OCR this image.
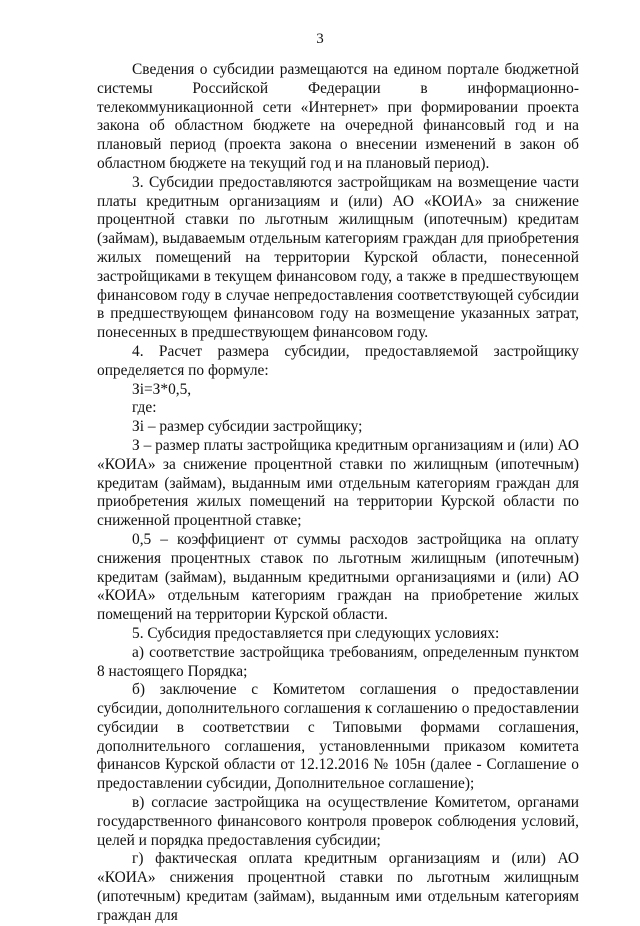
3

Сведения о субсидии размещаются на едином портале бюджетной системы Российской Федерации в информационно-телекоммуникационной сети «Интернет» при формировании проекта закона об областном бюджете на очередной финансовый год и на плановый период (проекта закона о внесении изменений в закон об областном бюджете на текущий год и на плановый период).

3. Субсидии предоставляются застройщикам на возмещение части платы кредитным организациям и (или) АО «КОИА» за снижение процентной ставки по льготным жилищным (ипотечным) кредитам (займам), выдаваемым отдельным категориям граждан для приобретения жилых помещений на территории Курской области, понесенной застройщиками в текущем финансовом году, а также в предшествующем финансовом году в случае непредоставления соответствующей субсидии в предшествующем финансовом году на возмещение указанных затрат, понесенных в предшествующем финансовом году.

4. Расчет размера субсидии, предоставляемой застройщику определяется по формуле:

Зі=З*0,5,

где:

Зі – размер субсидии застройщику;

З – размер платы застройщика кредитным организациям и (или) АО «КОИА» за снижение процентной ставки по жилищным (ипотечным) кредитам (займам), выданным ими отдельным категориям граждан для приобретения жилых помещений на территории Курской области по сниженной процентной ставке;

0,5 – коэффициент от суммы расходов застройщика на оплату снижения процентных ставок по льготным жилищным (ипотечным) кредитам (займам), выданным кредитными организациями и (или) АО «КОИА» отдельным категориям граждан на приобретение жилых помещений на территории Курской области.

5. Субсидия предоставляется при следующих условиях:

а) соответствие застройщика требованиям, определенным пунктом 8 настоящего Порядка;

б) заключение с Комитетом соглашения о предоставлении субсидии, дополнительного соглашения к соглашению о предоставлении субсидии в соответствии с Типовыми формами соглашения, дополнительного соглашения, установленными приказом комитета финансов Курской области от 12.12.2016 № 105н (далее - Соглашение о предоставлении субсидии, Дополнительное соглашение);

в) согласие застройщика на осуществление Комитетом, органами государственного финансового контроля проверок соблюдения условий, целей и порядка предоставления субсидии;

г) фактическая оплата кредитным организациям и (или) АО «КОИА» снижения процентной ставки по льготным жилищным (ипотечным) кредитам (займам), выданным ими отдельным категориям граждан для
